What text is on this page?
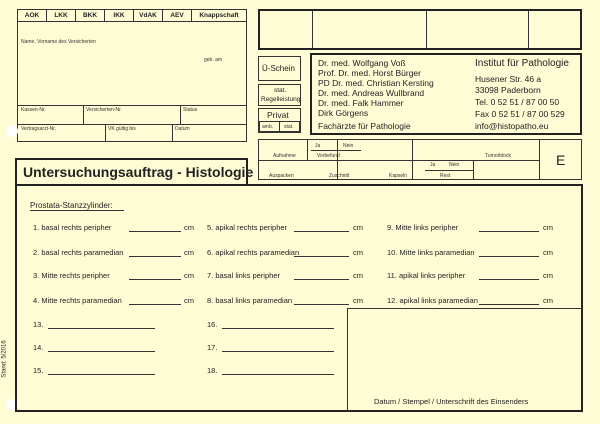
AOK	LKK	BKK	IKK	VdAK	AEV	Knappschaft
Name, Vorname des Versicherten
geb. am
Kassen-Nr.	Versicherten-Nr.	Status
Vertragsarzt-Nr.	VK gültig bis	Datum
Ü-Schein
stat.
Regelleistung
Privat
amb. stat.
Dr. med. Wolfgang Voß
Prof. Dr. med. Horst Bürger
PD Dr. med. Christian Kersting
Dr. med. Andreas Wullbrand
Dr. med. Falk Hammer
Dirk Görgens
Fachärzte für Pathologie
Institut für Pathologie
Husener Str. 46 a
33098 Paderborn
Tel. 0 52 51 / 87 00 50
Fax 0 52 51 / 87 00 529
info@histopatho.eu
Ja	Nein
Aufnahme	Vorbefund	Tumorblock
Ja	Nein
Auspacken	Zuschnitt	Kapseln	Rest
E
Untersuchungsauftrag - Histologie
Prostata-Stanzzylinder:
1. basal rechts peripher	cm
2. basal rechts paramedian	cm
3. Mitte rechts peripher	cm
4. Mitte rechts paramedian	cm
13.
14.
15.
5. apikal rechts peripher	cm
6. apikal rechts paramedian	cm
7. basal links peripher	cm
8. basal links paramedian	cm
16.
17.
18.
9. Mitte links peripher	cm
10. Mitte links paramedian	cm
11. apikal links peripher	cm
12. apikal links paramedian	cm
Datum / Stempel / Unterschrift des Einsenders
Stand: 5/2016
